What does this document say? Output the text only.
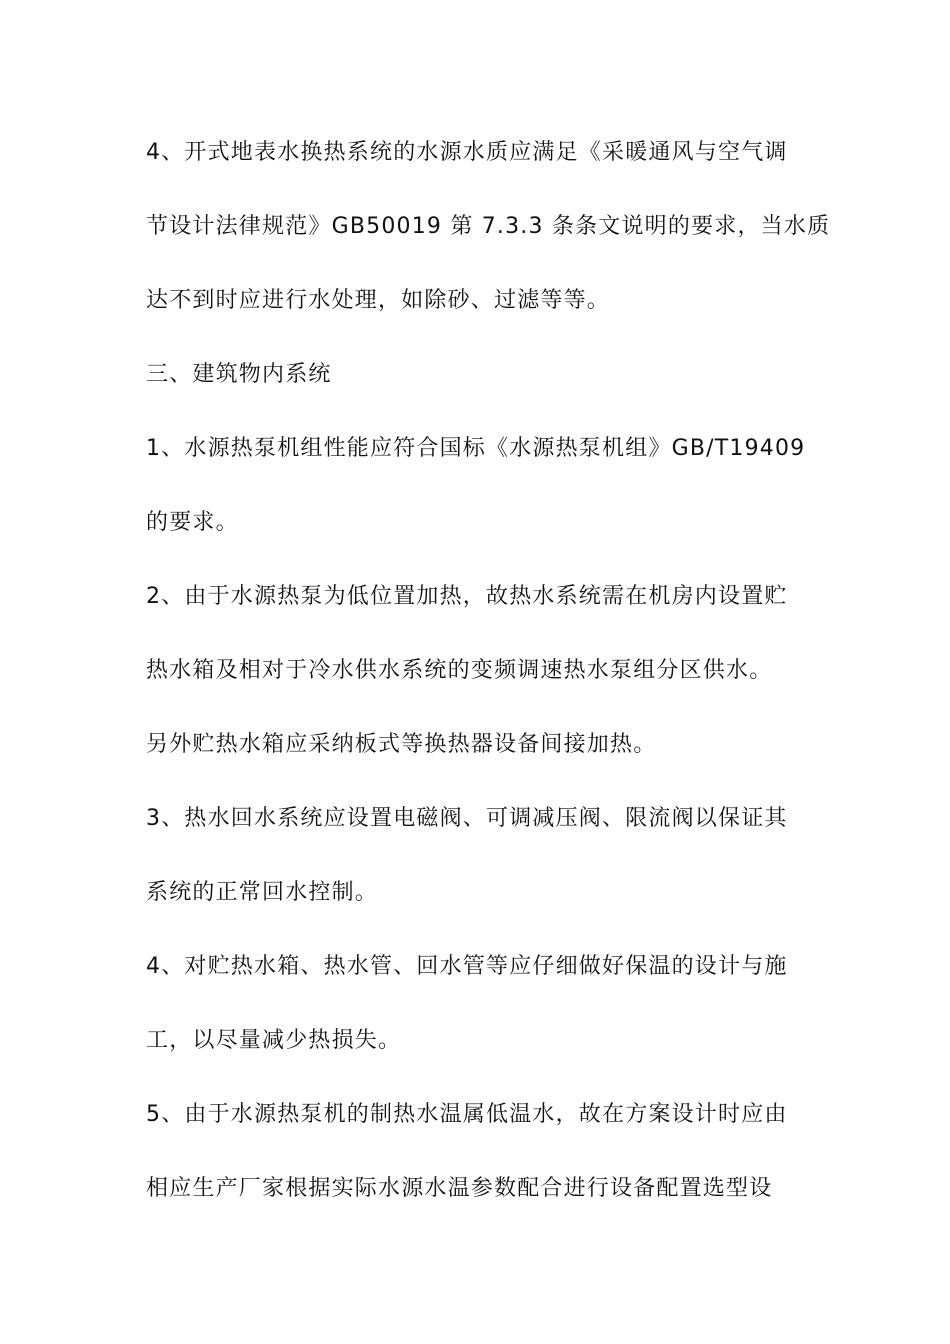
4、开式地表水换热系统的水源水质应满足《采暖通风与空气调
节设计法律规范》GB50019 第 7.3.3 条条文说明的要求，当水质
达不到时应进行水处理，如除砂、过滤等等。
三、建筑物内系统
1、水源热泵机组性能应符合国标《水源热泵机组》GB/T19409
的要求。
2、由于水源热泵为低位置加热，故热水系统需在机房内设置贮
热水箱及相对于冷水供水系统的变频调速热水泵组分区供水。
另外贮热水箱应采纳板式等换热器设备间接加热。
3、热水回水系统应设置电磁阀、可调减压阀、限流阀以保证其
系统的正常回水控制。
4、对贮热水箱、热水管、回水管等应仔细做好保温的设计与施
工，以尽量减少热损失。
5、由于水源热泵机的制热水温属低温水，故在方案设计时应由
相应生产厂家根据实际水源水温参数配合进行设备配置选型设
